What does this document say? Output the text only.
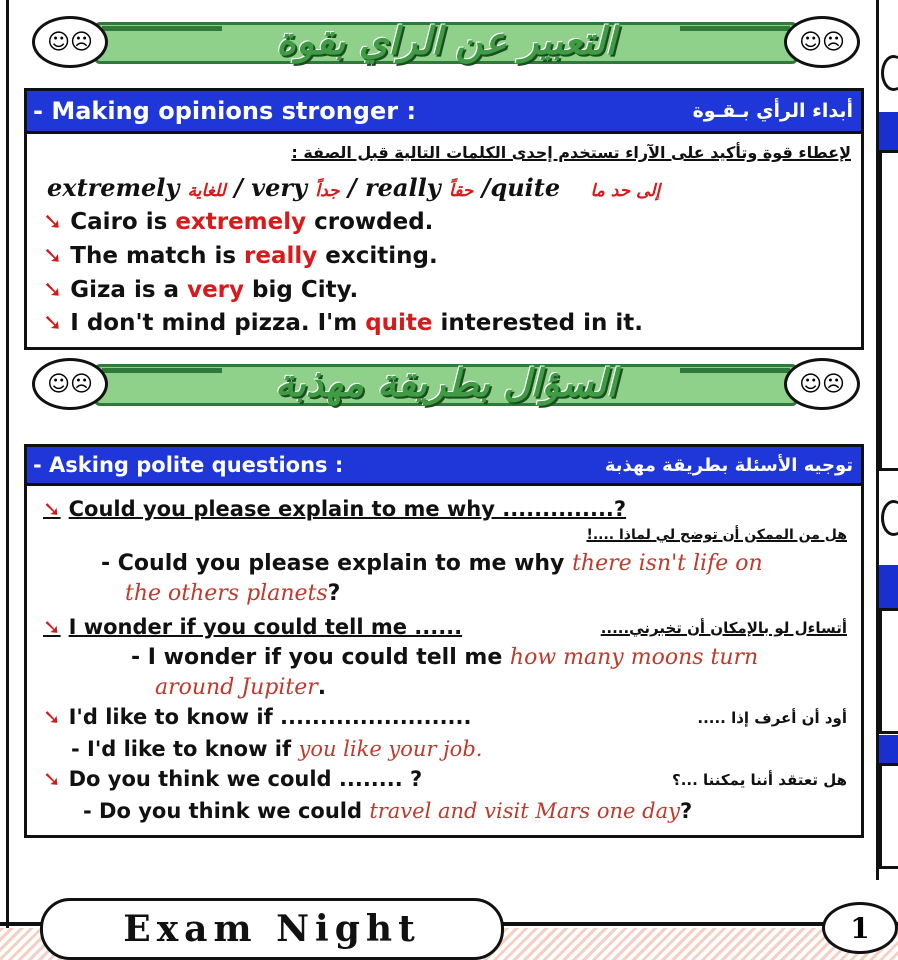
☺☹	☺☹
التعبير عن الراي بقوة
- Making opinions stronger :	أبداء الرأي بـقـوة
لإعطاء قوة وتأكيد على الآراء تستخدم إحدى الكلمات التالية قبل الصفة :
extremely للغاية / very جداً / really حقاً /quite إلى حد ما
➘ Cairo is extremely crowded.
➘ The match is really exciting.
➘ Giza is a very big City.
➘ I don't mind pizza. I'm quite interested in it.
☺☹	☺☹
السؤال بطريقة مهذبة
- Asking polite questions :	توجيه الأسئلة بطريقة مهذبة
➘ Could you please explain to me why ..............?
هل من الممكن أن توضح لي لماذا ....!
- Could you please explain to me why there isn't life on
the others planets?
➘ I wonder if you could tell me ......	أتساءل لو بالإمكان أن تخبرني.....
- I wonder if you could tell me how many moons turn
around Jupiter.
➘ I'd like to know if ........................	أود أن أعرف إذا .....
- I'd like to know if you like your job.
➘ Do you think we could ........ ?	هل تعتقد أننا يمكننا ...؟
- Do you think we could travel and visit Mars one day?
Exam Night	1
